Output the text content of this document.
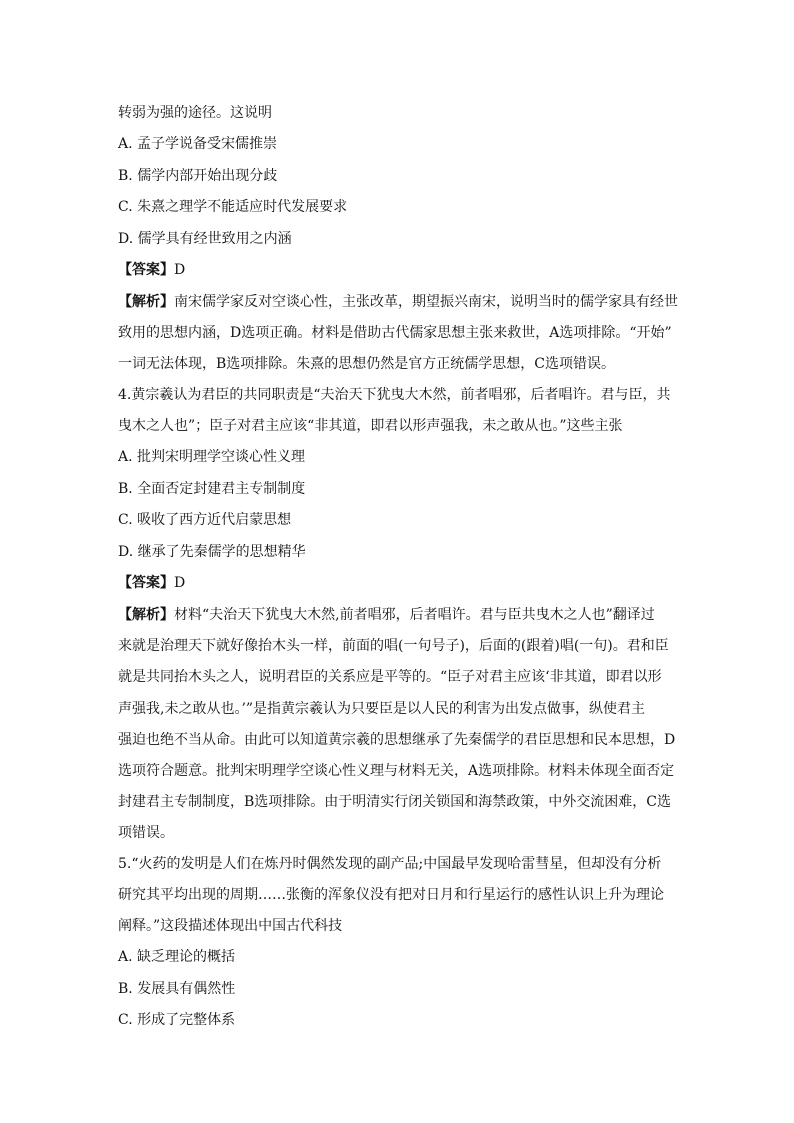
转弱为强的途径。这说明
A. 孟子学说备受宋儒推崇
B. 儒学内部开始出现分歧
C. 朱熹之理学不能适应时代发展要求
D. 儒学具有经世致用之内涵
【答案】D
【解析】南宋儒学家反对空谈心性，主张改革，期望振兴南宋，说明当时的儒学家具有经世
致用的思想内涵，D选项正确。材料是借助古代儒家思想主张来救世，A选项排除。“开始”
一词无法体现，B选项排除。朱熹的思想仍然是官方正统儒学思想，C选项错误。
4.黄宗羲认为君臣的共同职责是“夫治天下犹曳大木然，前者唱邪，后者唱许。君与臣，共
曳木之人也”；臣子对君主应该“非其道，即君以形声强我，未之敢从也。”这些主张
A. 批判宋明理学空谈心性义理
B. 全面否定封建君主专制制度
C. 吸收了西方近代启蒙思想
D. 继承了先秦儒学的思想精华
【答案】D
【解析】材料“夫治天下犹曳大木然,前者唱邪，后者唱许。君与臣共曳木之人也”翻译过
来就是治理天下就好像抬木头一样，前面的唱(一句号子)，后面的(跟着)唱(一句)。君和臣
就是共同抬木头之人，说明君臣的关系应是平等的。“臣子对君主应该‘非其道，即君以形
声强我,未之敢从也。’”是指黄宗羲认为只要臣是以人民的利害为出发点做事，纵使君主
强迫也绝不当从命。由此可以知道黄宗羲的思想继承了先秦儒学的君臣思想和民本思想，D
选项符合题意。批判宋明理学空谈心性义理与材料无关，A选项排除。材料未体现全面否定
封建君主专制制度，B选项排除。由于明清实行闭关锁国和海禁政策，中外交流困难，C选
项错误。
5.“火药的发明是人们在炼丹时偶然发现的副产品;中国最早发现哈雷彗星，但却没有分析
研究其平均出现的周期……张衡的浑象仪没有把对日月和行星运行的感性认识上升为理论
阐释。”这段描述体现出中国古代科技
A. 缺乏理论的概括
B. 发展具有偶然性
C. 形成了完整体系
